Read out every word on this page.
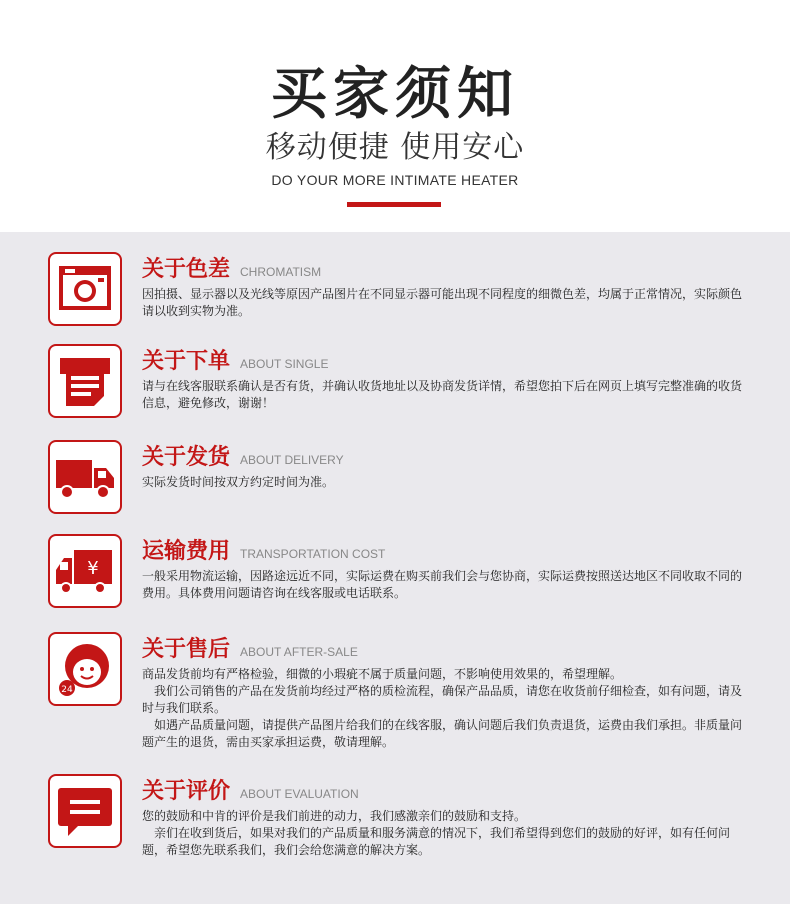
买家须知
移动便捷 使用安心
DO YOUR MORE INTIMATE HEATER
关于色差 CHROMATISM

因拍摄、显示器以及光线等原因产品图片在不同显示器可能出现不同程度的细微色差，均属于正常情况，实际颜色请以收到实物为准。

关于下单 ABOUT SINGLE

请与在线客服联系确认是否有货，并确认收货地址以及协商发货详情，希望您拍下后在网页上填写完整准确的收货信息，避免修改，谢谢！

关于发货 ABOUT DELIVERY

实际发货时间按双方约定时间为准。

¥
运输费用 TRANSPORTATION COST

一般采用物流运输，因路途远近不同，实际运费在购买前我们会与您协商，实际运费按照送达地区不同收取不同的费用。具体费用问题请咨询在线客服或电话联系。

24
关于售后 ABOUT AFTER-SALE

商品发货前均有严格检验，细微的小瑕疵不属于质量问题，不影响使用效果的，希望理解。

我们公司销售的产品在发货前均经过严格的质检流程，确保产品品质，请您在收货前仔细检查，如有问题，请及时与我们联系。

如遇产品质量问题，请提供产品图片给我们的在线客服，确认问题后我们负责退货，运费由我们承担。非质量问题产生的退货，需由买家承担运费，敬请理解。

关于评价 ABOUT EVALUATION

您的鼓励和中肯的评价是我们前进的动力，我们感激亲们的鼓励和支持。

亲们在收到货后，如果对我们的产品质量和服务满意的情况下，我们希望得到您们的鼓励的好评，如有任何问题，希望您先联系我们，我们会给您满意的解决方案。
